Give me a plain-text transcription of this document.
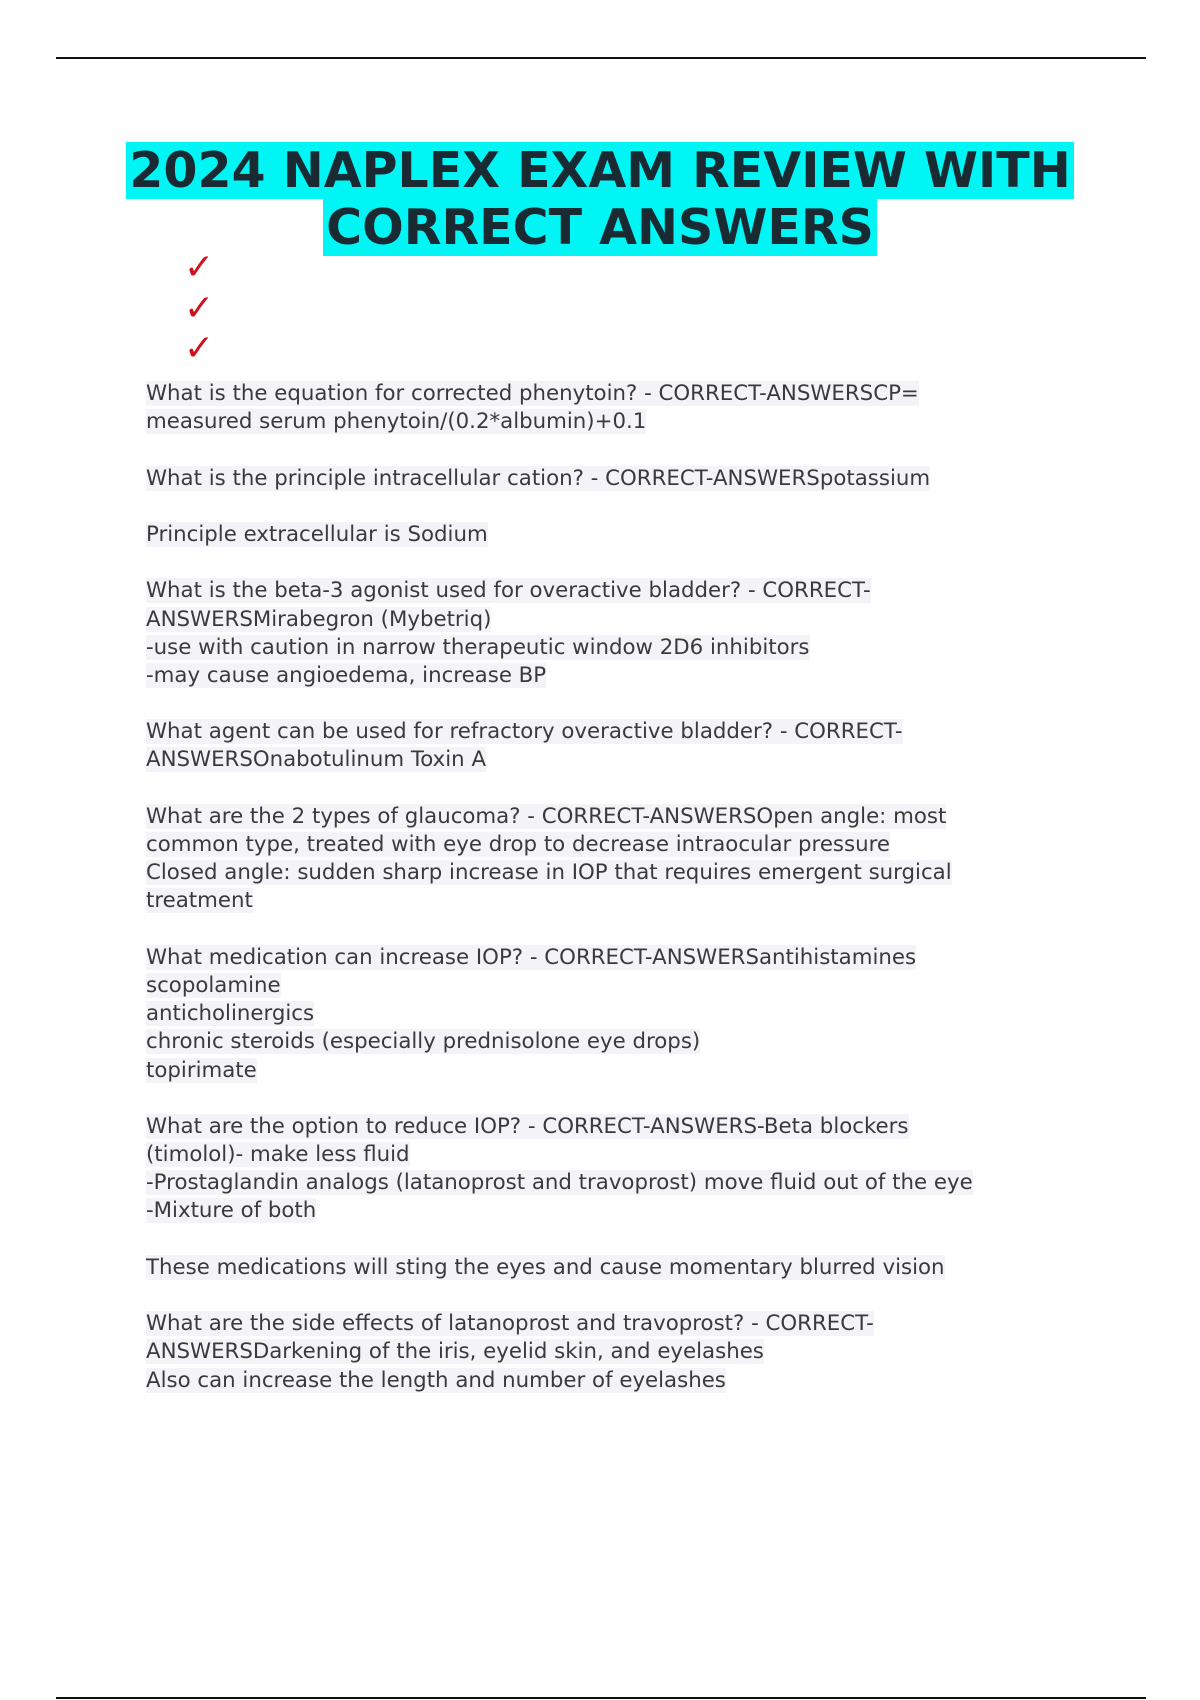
2024 NAPLEX EXAM REVIEW WITH
CORRECT ANSWERS
✓
✓
✓
What is the equation for corrected phenytoin? - CORRECT-ANSWERSCP=
measured serum phenytoin/(0.2*albumin)+0.1
What is the principle intracellular cation? - CORRECT-ANSWERSpotassium
Principle extracellular is Sodium
What is the beta-3 agonist used for overactive bladder? - CORRECT-
ANSWERSMirabegron (Mybetriq)
-use with caution in narrow therapeutic window 2D6 inhibitors
-may cause angioedema, increase BP
What agent can be used for refractory overactive bladder? - CORRECT-
ANSWERSOnabotulinum Toxin A
What are the 2 types of glaucoma? - CORRECT-ANSWERSOpen angle: most
common type, treated with eye drop to decrease intraocular pressure
Closed angle: sudden sharp increase in IOP that requires emergent surgical
treatment
What medication can increase IOP? - CORRECT-ANSWERSantihistamines
scopolamine
anticholinergics
chronic steroids (especially prednisolone eye drops)
topirimate
What are the option to reduce IOP? - CORRECT-ANSWERS-Beta blockers
(timolol)- make less fluid
-Prostaglandin analogs (latanoprost and travoprost) move fluid out of the eye
-Mixture of both
These medications will sting the eyes and cause momentary blurred vision
What are the side effects of latanoprost and travoprost? - CORRECT-
ANSWERSDarkening of the iris, eyelid skin, and eyelashes
Also can increase the length and number of eyelashes
